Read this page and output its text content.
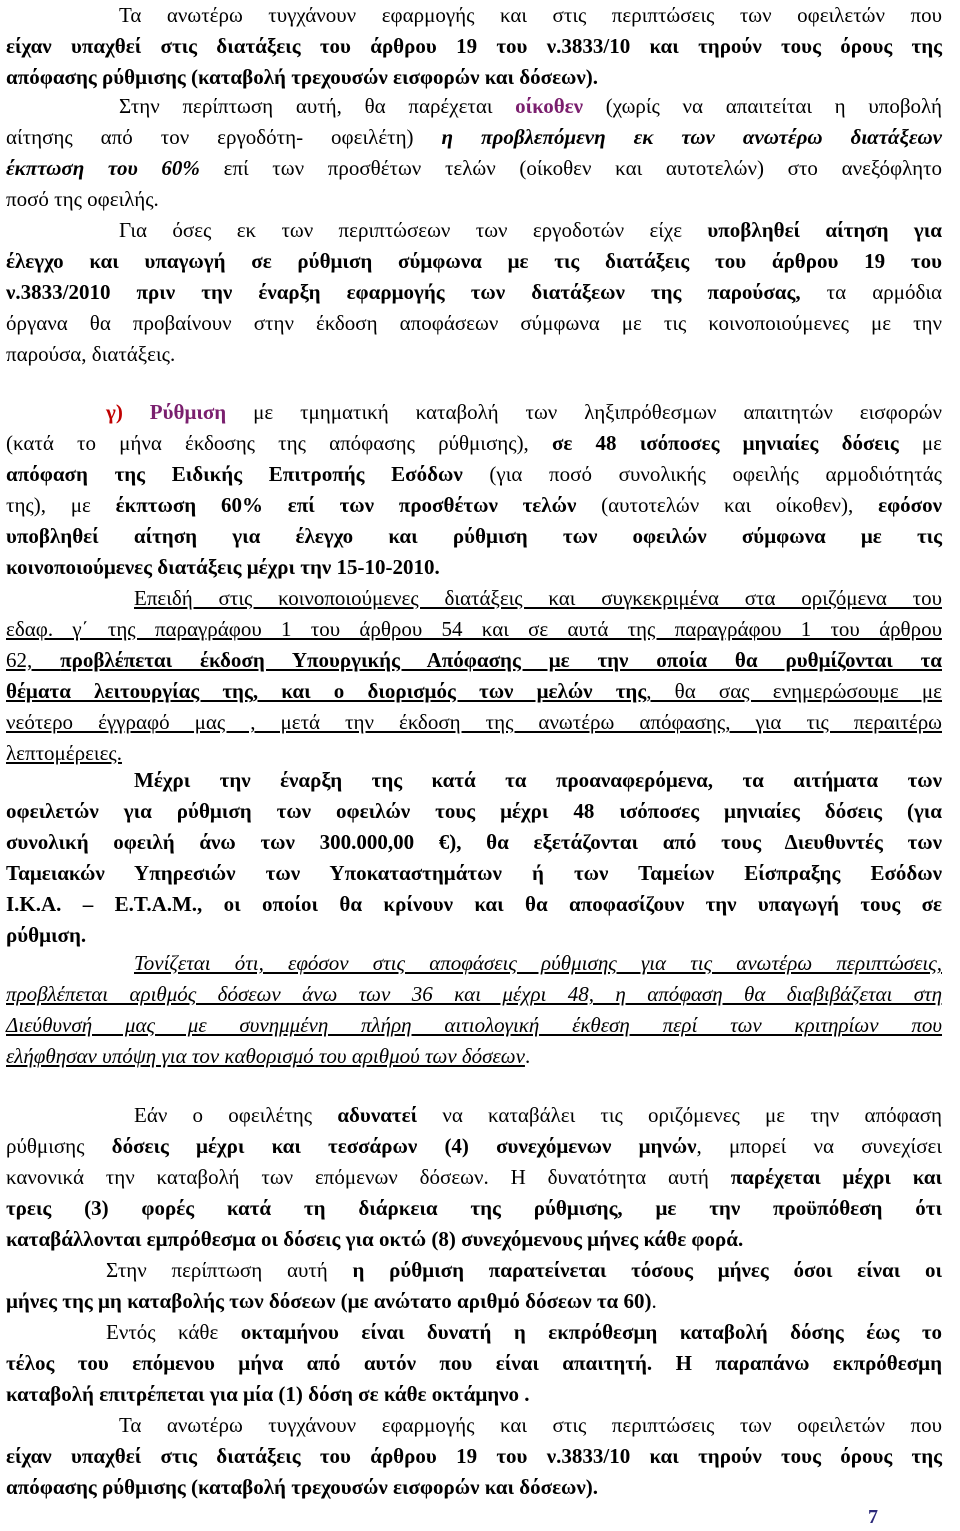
Τα ανωτέρω τυγχάνουν εφαρμογής και στις περιπτώσεις των οφειλετών που
είχαν υπαχθεί στις διατάξεις του άρθρου 19 του ν.3833/10 και τηρούν τους όρους της
απόφασης ρύθμισης (καταβολή τρεχουσών εισφορών και δόσεων).
Στην περίπτωση αυτή, θα παρέχεται οίκοθεν (χωρίς να απαιτείται η υποβολή
αίτησης από τον εργοδότη- οφειλέτη) η προβλεπόμενη εκ των ανωτέρω διατάξεων
έκπτωση του 60% επί των προσθέτων τελών (οίκοθεν και αυτοτελών) στο ανεξόφλητο
ποσό της οφειλής.
Για όσες εκ των περιπτώσεων των εργοδοτών είχε υποβληθεί αίτηση για
έλεγχο και υπαγωγή σε ρύθμιση σύμφωνα με τις διατάξεις του άρθρου 19 του
ν.3833/2010 πριν την έναρξη εφαρμογής των διατάξεων της παρούσας, τα αρμόδια
όργανα θα προβαίνουν στην έκδοση αποφάσεων σύμφωνα με τις κοινοποιούμενες με την
παρούσα, διατάξεις.
γ) Ρύθμιση με τμηματική καταβολή των ληξιπρόθεσμων απαιτητών εισφορών
(κατά το μήνα έκδοσης της απόφασης ρύθμισης), σε 48 ισόποσες μηνιαίες δόσεις με
απόφαση της Ειδικής Επιτροπής Εσόδων (για ποσό συνολικής οφειλής αρμοδιότητάς
της), με έκπτωση 60% επί των προσθέτων τελών (αυτοτελών και οίκοθεν), εφόσον
υποβληθεί αίτηση για έλεγχο και ρύθμιση των οφειλών σύμφωνα με τις
κοινοποιούμενες διατάξεις μέχρι την 15-10-2010.
Επειδή στις κοινοποιούμενες διατάξεις και συγκεκριμένα στα οριζόμενα του
εδαφ. γ΄ της παραγράφου 1 του άρθρου 54 και σε αυτά της παραγράφου 1 του άρθρου
62, προβλέπεται έκδοση Υπουργικής Απόφασης με την οποία θα ρυθμίζονται τα
θέματα λειτουργίας της, και ο διορισμός των μελών της, θα σας ενημερώσουμε με
νεότερο έγγραφό μας , μετά την έκδοση της ανωτέρω απόφασης, για τις περαιτέρω
λεπτομέρειες.
Μέχρι την έναρξη της κατά τα προαναφερόμενα, τα αιτήματα των
οφειλετών για ρύθμιση των οφειλών τους μέχρι 48 ισόποσες μηνιαίες δόσεις (για
συνολική οφειλή άνω των 300.000,00 €), θα εξετάζονται από τους Διευθυντές των
Ταμειακών Υπηρεσιών των Υποκαταστημάτων ή των Ταμείων Είσπραξης Εσόδων
Ι.Κ.Α. – Ε.Τ.Α.Μ., οι οποίοι θα κρίνουν και θα αποφασίζουν την υπαγωγή τους σε
ρύθμιση.
Τονίζεται ότι, εφόσον στις αποφάσεις ρύθμισης για τις ανωτέρω περιπτώσεις,
προβλέπεται αριθμός δόσεων άνω των 36 και μέχρι 48, η απόφαση θα διαβιβάζεται στη
Διεύθυνσή μας με συνημμένη πλήρη αιτιολογική έκθεση περί των κριτηρίων που
ελήφθησαν υπόψη για τον καθορισμό του αριθμού των δόσεων.
Εάν ο οφειλέτης αδυνατεί να καταβάλει τις οριζόμενες με την απόφαση
ρύθμισης δόσεις μέχρι και τεσσάρων (4) συνεχόμενων μηνών, μπορεί να συνεχίσει
κανονικά την καταβολή των επόμενων δόσεων. Η δυνατότητα αυτή παρέχεται μέχρι και
τρεις (3) φορές κατά τη διάρκεια της ρύθμισης, με την προϋπόθεση ότι
καταβάλλονται εμπρόθεσμα οι δόσεις για οκτώ (8) συνεχόμενους μήνες κάθε φορά.
Στην περίπτωση αυτή η ρύθμιση παρατείνεται τόσους μήνες όσοι είναι οι
μήνες της μη καταβολής των δόσεων (με ανώτατο αριθμό δόσεων τα 60).
Εντός κάθε οκταμήνου είναι δυνατή η εκπρόθεσμη καταβολή δόσης έως το
τέλος του επόμενου μήνα από αυτόν που είναι απαιτητή. Η παραπάνω εκπρόθεσμη
καταβολή επιτρέπεται για μία (1) δόση σε κάθε οκτάμηνο .
Τα ανωτέρω τυγχάνουν εφαρμογής και στις περιπτώσεις των οφειλετών που
είχαν υπαχθεί στις διατάξεις του άρθρου 19 του ν.3833/10 και τηρούν τους όρους της
απόφασης ρύθμισης (καταβολή τρεχουσών εισφορών και δόσεων).
7
